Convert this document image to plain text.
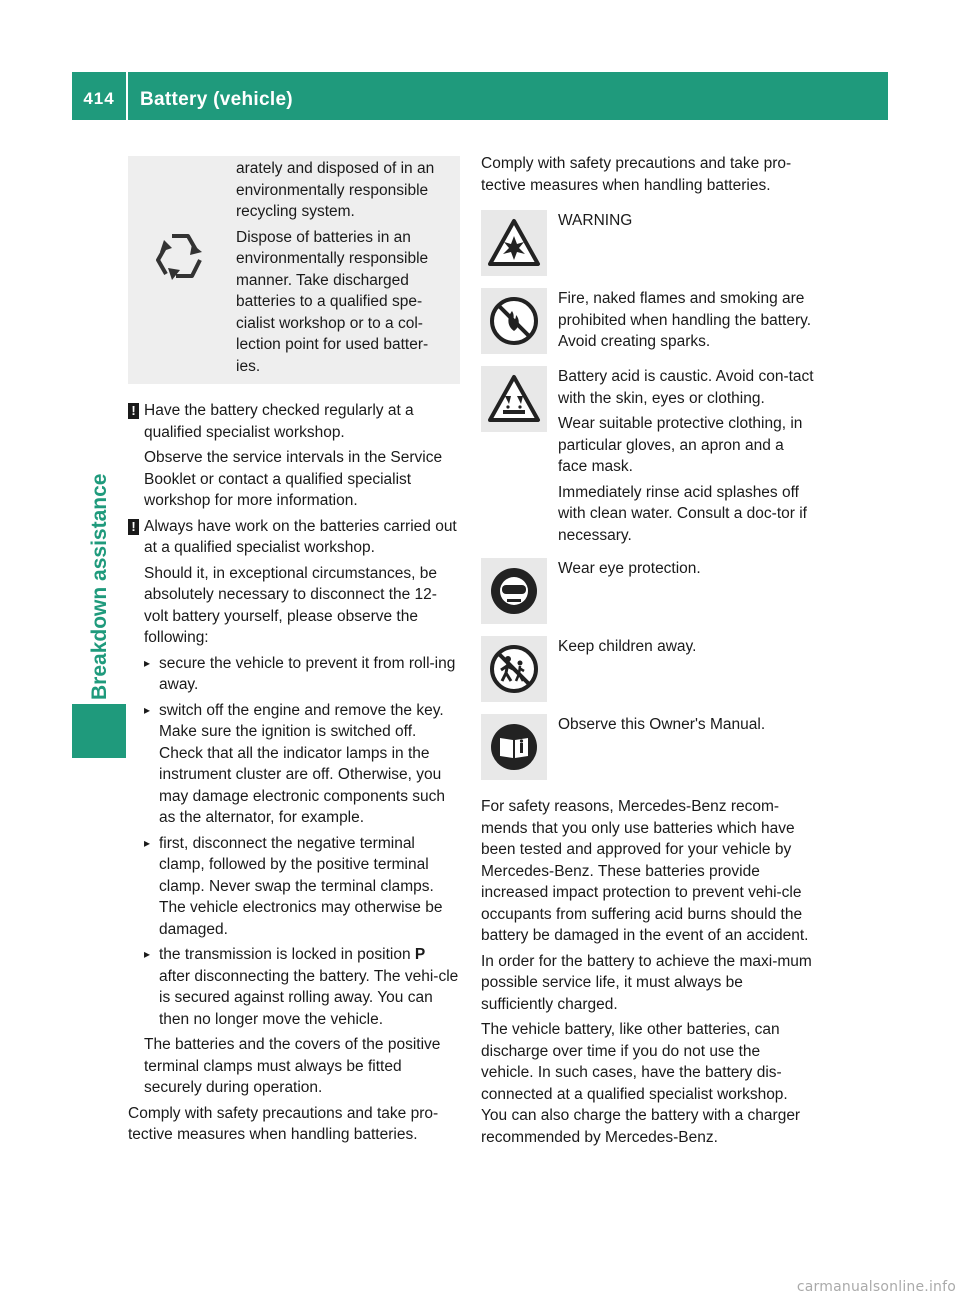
414	Battery (vehicle)
Breakdown assistance

arately and disposed of in an environmentally responsible recycling system.

Dispose of batteries in an environmentally responsible manner. Take discharged batteries to a qualified spe-cialist workshop or to a col-lection point for used batter-ies.

! Have the battery checked regularly at a qualified specialist workshop.

Observe the service intervals in the Service Booklet or contact a qualified specialist workshop for more information.

! Always have work on the batteries carried out at a qualified specialist workshop.

Should it, in exceptional circumstances, be absolutely necessary to disconnect the 12-volt battery yourself, please observe the following:

▸ secure the vehicle to prevent it from roll-ing away.
▸ switch off the engine and remove the key. Make sure the ignition is switched off. Check that all the indicator lamps in the instrument cluster are off. Otherwise, you may damage electronic components such as the alternator, for example.
▸ first, disconnect the negative terminal clamp, followed by the positive terminal clamp. Never swap the terminal clamps. The vehicle electronics may otherwise be damaged.
▸ the transmission is locked in position P after disconnecting the battery. The vehi-cle is secured against rolling away. You can then no longer move the vehicle.

The batteries and the covers of the positive terminal clamps must always be fitted securely during operation.

Comply with safety precautions and take pro-tective measures when handling batteries.

Comply with safety precautions and take pro-tective measures when handling batteries.

WARNING

Fire, naked flames and smoking are prohibited when handling the battery. Avoid creating sparks.

Battery acid is caustic. Avoid con-tact with the skin, eyes or clothing.

Wear suitable protective clothing, in particular gloves, an apron and a face mask.

Immediately rinse acid splashes off with clean water. Consult a doc-tor if necessary.

Wear eye protection.

Keep children away.

Observe this Owner's Manual.

For safety reasons, Mercedes-Benz recom-mends that you only use batteries which have been tested and approved for your vehicle by Mercedes-Benz. These batteries provide increased impact protection to prevent vehi-cle occupants from suffering acid burns should the battery be damaged in the event of an accident.

In order for the battery to achieve the maxi-mum possible service life, it must always be sufficiently charged.

The vehicle battery, like other batteries, can discharge over time if you do not use the vehicle. In such cases, have the battery dis-connected at a qualified specialist workshop. You can also charge the battery with a charger recommended by Mercedes-Benz.

carmanualsonline.info
